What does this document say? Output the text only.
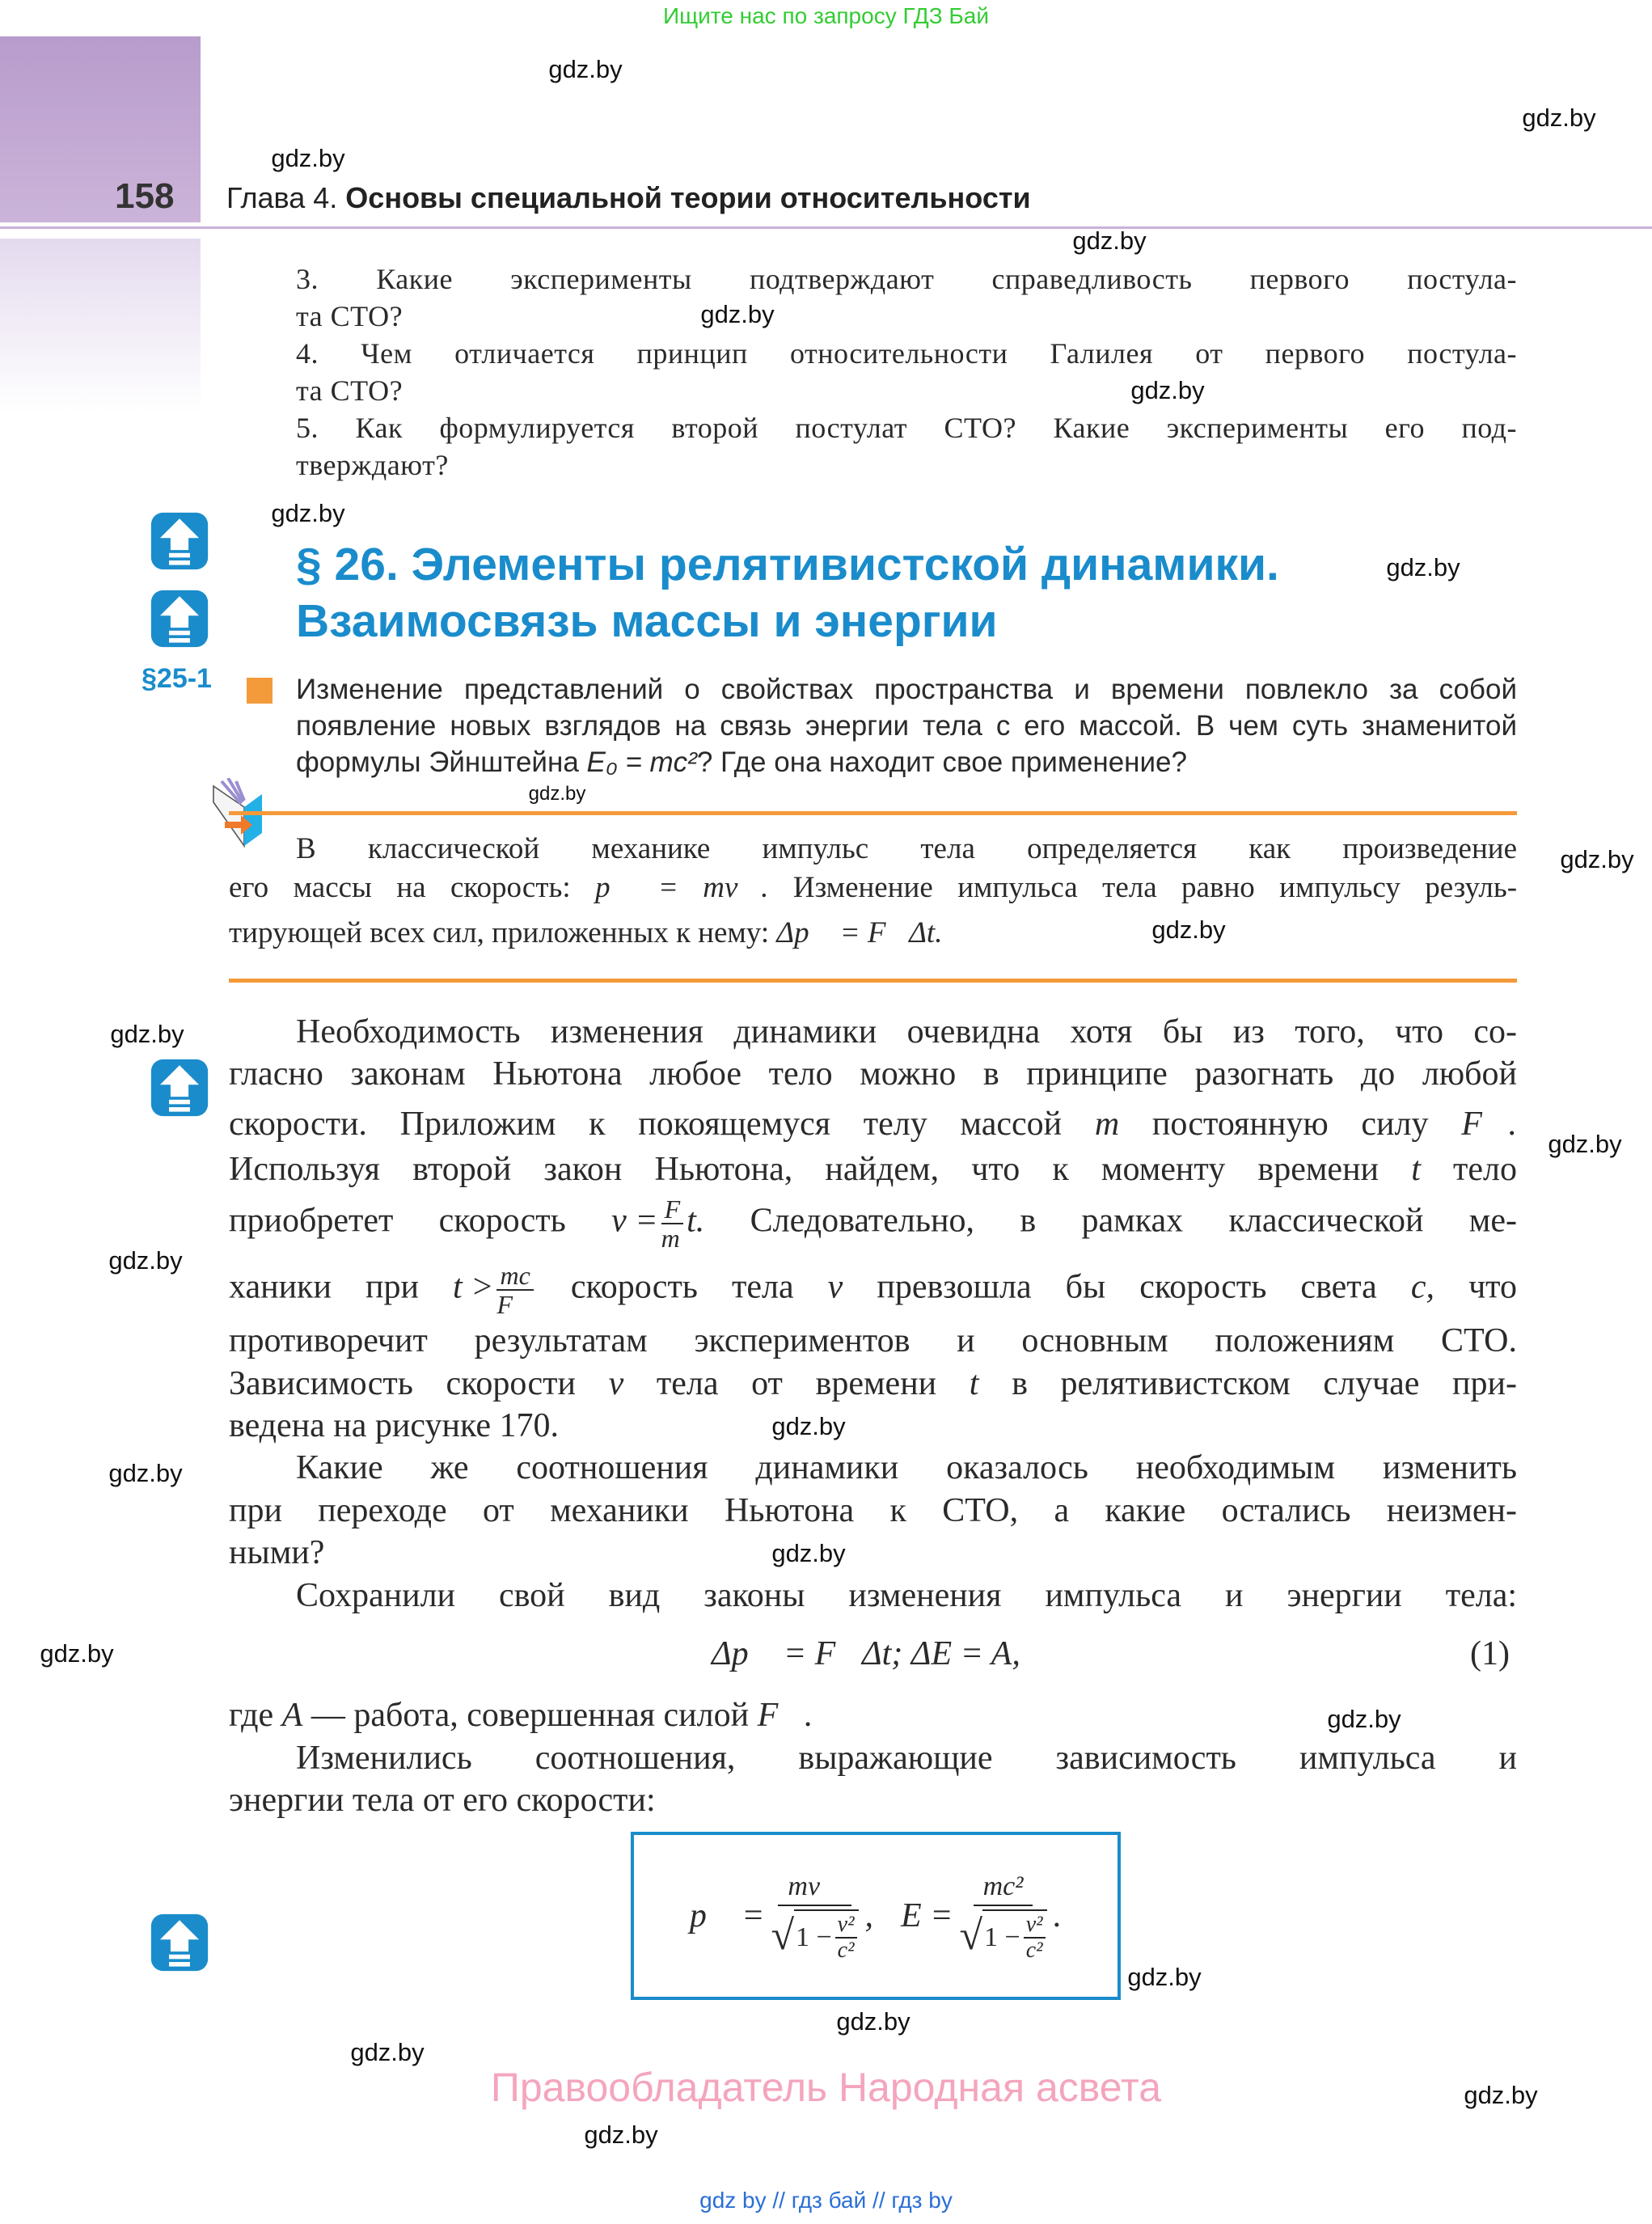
Ищите нас по запросу ГДЗ Бай
158 Глава 4. Основы специальной теории относительности
3. Какие эксперименты подтверждают справедливость первого постула-
та СТО?
4. Чем отличается принцип относительности Галилея от первого постула-
та СТО?
5. Как формулируется второй постулат СТО? Какие эксперименты его под-
тверждают?
§ 26. Элементы релятивистской динамики.
Взаимосвязь массы и энергии
§25-1	Изменение представлений о свойствах пространства и времени повлекло за собой
появление новых взглядов на связь энергии тела с его массой. В чем суть знаменитой
формулы Эйнштейна E₀ = mc²? Где она находит свое применение?
В классической механике импульс тела определяется как произведение
его массы на скорость: p⃗ = mv⃗. Изменение импульса тела равно импульсу резуль-
тирующей всех сил, приложенных к нему: Δp⃗ = F⃗Δt.
Необходимость изменения динамики очевидна хотя бы из того, что со-
гласно законам Ньютона любое тело можно в принципе разогнать до любой
скорости. Приложим к покоящемуся телу массой m постоянную силу F⃗.
Используя второй закон Ньютона, найдем, что к моменту времени t тело
приобретет скорость $v = \frac{F}{m} t$. Следовательно, в рамках классической ме-
ханики при $t > \frac{mc}{F}$ скорость тела v превзошла бы скорость света c, что
противоречит результатам экспериментов и основным положениям СТО.
Зависимость скорости v тела от времени t в релятивистском случае при-
ведена на рисунке 170.
Какие же соотношения динамики оказалось необходимым изменить
при переходе от механики Ньютона к СТО, а какие остались неизмен-
ными?
Сохранили свой вид законы изменения импульса и энергии тела:
Δp⃗ = F⃗Δt; ΔE = A,	(1)
где A — работа, совершенная силой F⃗.
Изменились соотношения, выражающие зависимость импульса и
энергии тела от его скорости:
p⃗ = $\frac{mv⃗}{√ 1 - \frac{\text{v²}}{\text{c²}}}$ , $E = \frac{\text{mc²}}{√ 1 - \frac{\text{v²}}{\text{c²}}}$ .
Правообладатель Народная асвета
gdz by // гдз бай // гдз by
gdz.by
gdz.by
gdz.by
gdz.by
gdz.by
gdz.by
gdz.by
gdz.by
gdz.by
gdz.by
gdz.by
gdz.by
gdz.by
gdz.by
gdz.by
gdz.by
gdz.by
gdz.by
gdz.by
gdz.by
gdz.by
gdz.by
gdz.by
gdz.by
